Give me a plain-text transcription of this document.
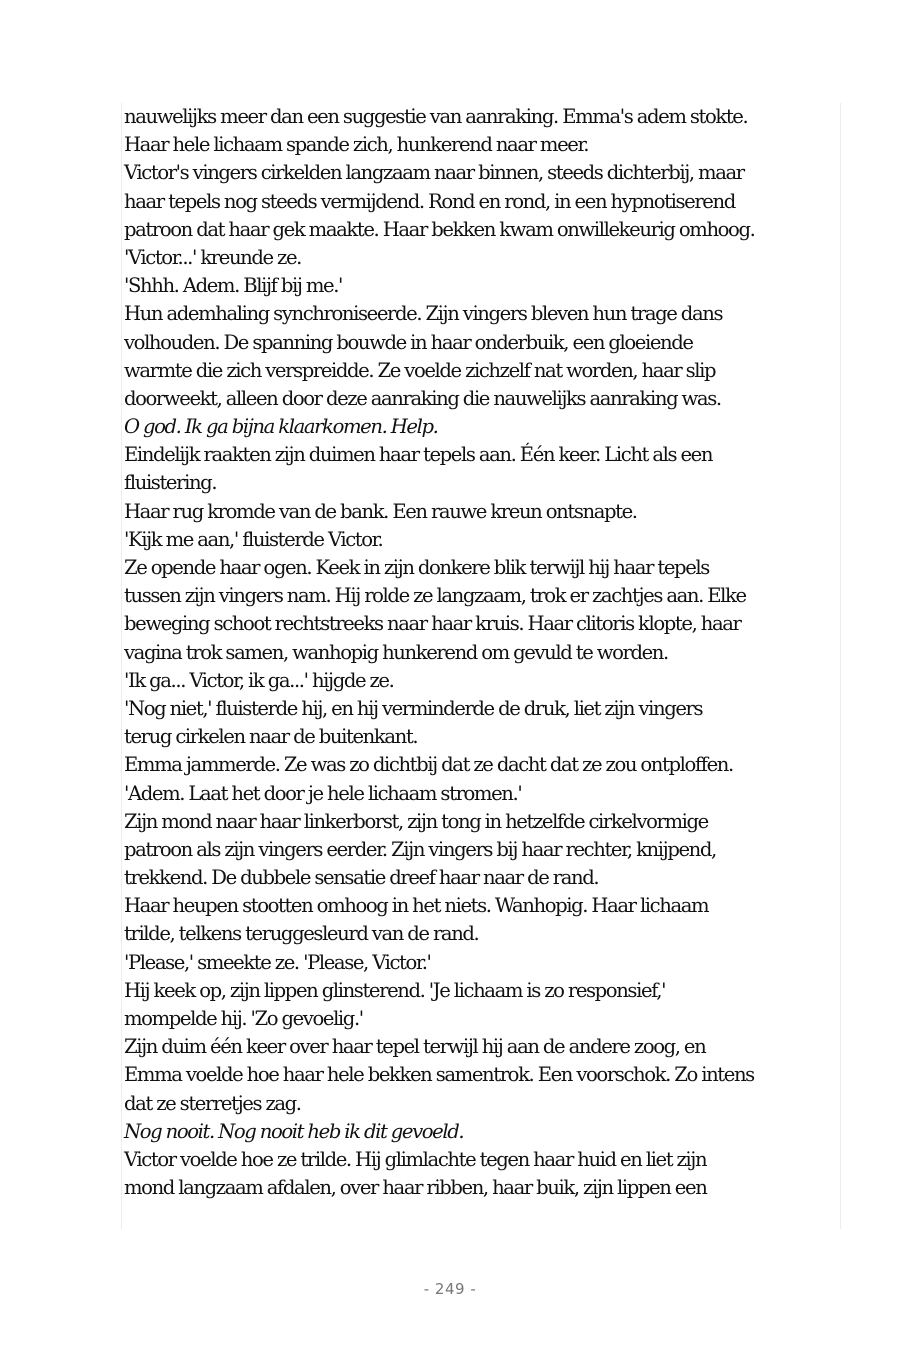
nauwelijks meer dan een suggestie van aanraking. Emma's adem stokte.
Haar hele lichaam spande zich, hunkerend naar meer.
Victor's vingers cirkelden langzaam naar binnen, steeds dichterbij, maar
haar tepels nog steeds vermijdend. Rond en rond, in een hypnotiserend
patroon dat haar gek maakte. Haar bekken kwam onwillekeurig omhoog.
'Victor...' kreunde ze.
'Shhh. Adem. Blijf bij me.'
Hun ademhaling synchroniseerde. Zijn vingers bleven hun trage dans
volhouden. De spanning bouwde in haar onderbuik, een gloeiende
warmte die zich verspreidde. Ze voelde zichzelf nat worden, haar slip
doorweekt, alleen door deze aanraking die nauwelijks aanraking was.
O god. Ik ga bijna klaarkomen. Help.
Eindelijk raakten zijn duimen haar tepels aan. Één keer. Licht als een
fluistering.
Haar rug kromde van de bank. Een rauwe kreun ontsnapte.
'Kijk me aan,' fluisterde Victor.
Ze opende haar ogen. Keek in zijn donkere blik terwijl hij haar tepels
tussen zijn vingers nam. Hij rolde ze langzaam, trok er zachtjes aan. Elke
beweging schoot rechtstreeks naar haar kruis. Haar clitoris klopte, haar
vagina trok samen, wanhopig hunkerend om gevuld te worden.
'Ik ga... Victor, ik ga...' hijgde ze.
'Nog niet,' fluisterde hij, en hij verminderde de druk, liet zijn vingers
terug cirkelen naar de buitenkant.
Emma jammerde. Ze was zo dichtbij dat ze dacht dat ze zou ontploffen.
'Adem. Laat het door je hele lichaam stromen.'
Zijn mond naar haar linkerborst, zijn tong in hetzelfde cirkelvormige
patroon als zijn vingers eerder. Zijn vingers bij haar rechter, knijpend,
trekkend. De dubbele sensatie dreef haar naar de rand.
Haar heupen stootten omhoog in het niets. Wanhopig. Haar lichaam
trilde, telkens teruggesleurd van de rand.
'Please,' smeekte ze. 'Please, Victor.'
Hij keek op, zijn lippen glinsterend. 'Je lichaam is zo responsief,'
mompelde hij. 'Zo gevoelig.'
Zijn duim één keer over haar tepel terwijl hij aan de andere zoog, en
Emma voelde hoe haar hele bekken samentrok. Een voorschok. Zo intens
dat ze sterretjes zag.
Nog nooit. Nog nooit heb ik dit gevoeld.
Victor voelde hoe ze trilde. Hij glimlachte tegen haar huid en liet zijn
mond langzaam afdalen, over haar ribben, haar buik, zijn lippen een
- 249 -
